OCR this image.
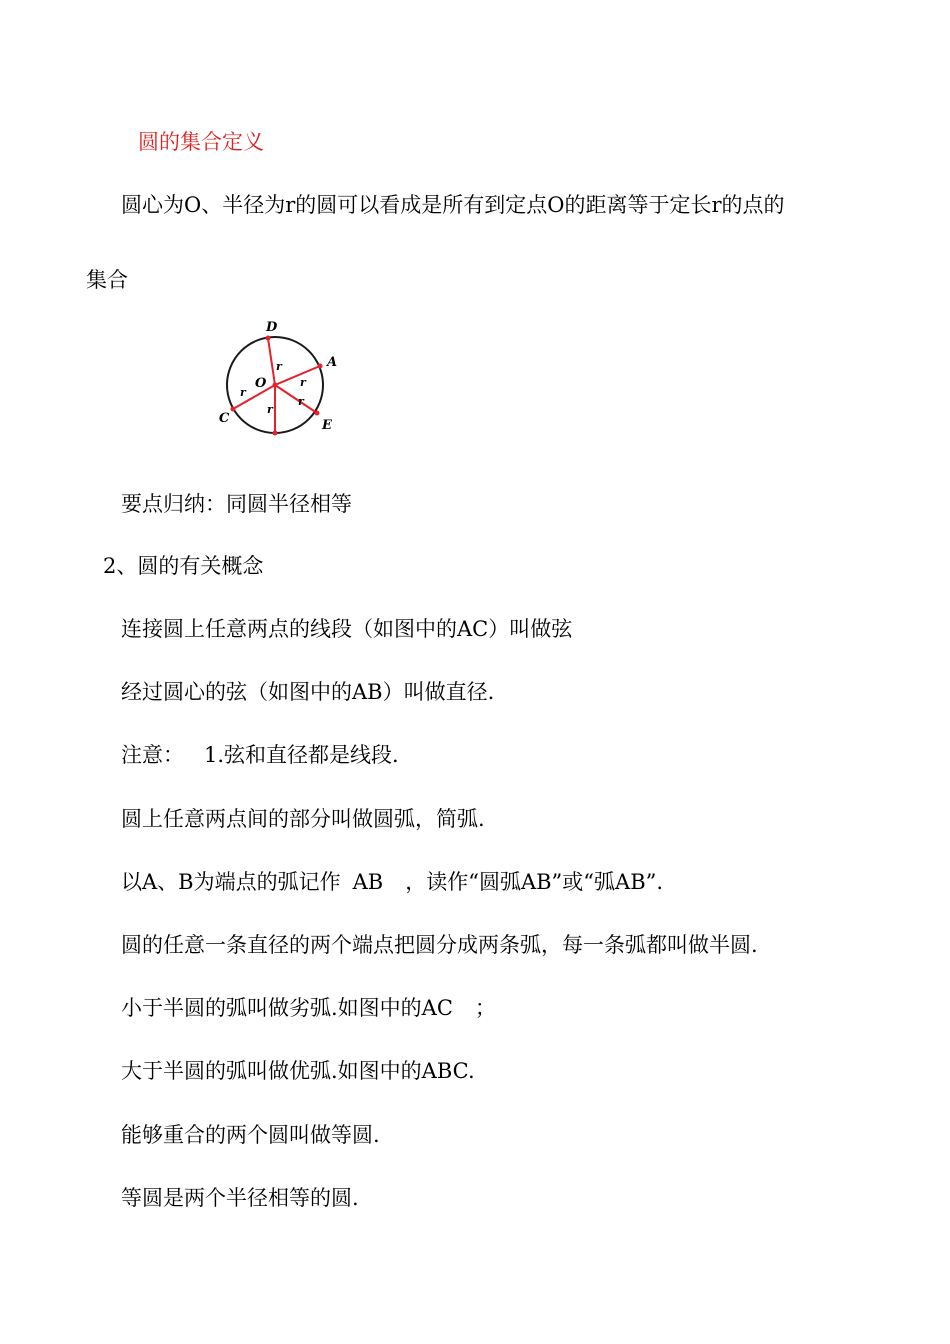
圆的集合定义
圆心为O、半径为r的圆可以看成是所有到定点O的距离等于定长r的点的
集合
D
A
C	E
O
r
r
r
r
r
要点归纳：同圆半径相等
2、圆的有关概念
连接圆上任意两点的线段（如图中的AC）叫做弦
经过圆心的弦（如图中的AB）叫做直径.
注意： 1.弦和直径都是线段.
圆上任意两点间的部分叫做圆弧，简弧.
以A、B为端点的弧记作 AB ，读作“圆弧AB”或“弧AB”.
圆的任意一条直径的两个端点把圆分成两条弧，每一条弧都叫做半圆.
小于半圆的弧叫做劣弧.如图中的AC ；
大于半圆的弧叫做优弧.如图中的ABC.
能够重合的两个圆叫做等圆.
等圆是两个半径相等的圆.
